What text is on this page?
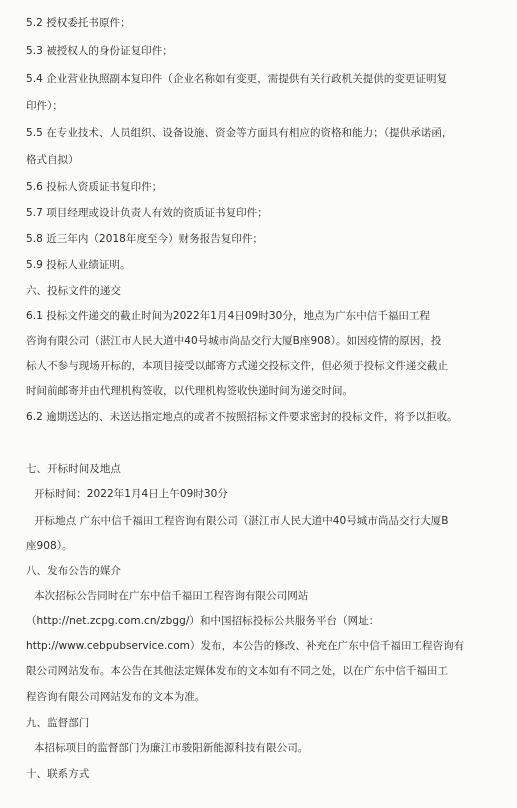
5.2 授权委托书原件；
5.3 被授权人的身份证复印件；
5.4 企业营业执照副本复印件（企业名称如有变更，需提供有关行政机关提供的变更证明复
印件）；
5.5 在专业技术、人员组织、设备设施、资金等方面具有相应的资格和能力；（提供承诺函，
格式自拟）
5.6 投标人资质证书复印件；
5.7 项目经理或设计负责人有效的资质证书复印件；
5.8 近三年内（2018年度至今）财务报告复印件；
5.9 投标人业绩证明。
六、投标文件的递交
6.1 投标文件递交的截止时间为2022年1月4日09时30分，地点为广东中信千福田工程
咨询有限公司（湛江市人民大道中40号城市尚品交行大厦B座908）。如因疫情的原因，投
标人不参与现场开标的，本项目接受以邮寄方式递交投标文件，但必须于投标文件递交截止
时间前邮寄并由代理机构签收，以代理机构签收快递时间为递交时间。
6.2 逾期送达的、未送达指定地点的或者不按照招标文件要求密封的投标文件，将予以拒收。
七、开标时间及地点
开标时间：2022年1月4日上午09时30分
开标地点 广东中信千福田工程咨询有限公司（湛江市人民大道中40号城市尚品交行大厦B
座908）。
八、发布公告的媒介
本次招标公告同时在广东中信千福田工程咨询有限公司网站
（http://net.zcpg.com.cn/zbgg/）和中国招标投标公共服务平台（网址：
http://www.cebpubservice.com）发布，本公告的修改、补充在广东中信千福田工程咨询有
限公司网站发布。本公告在其他法定媒体发布的文本如有不同之处，以在广东中信千福田工
程咨询有限公司网站发布的文本为准。
九、监督部门
本招标项目的监督部门为廉江市骏阳新能源科技有限公司。
十、联系方式
